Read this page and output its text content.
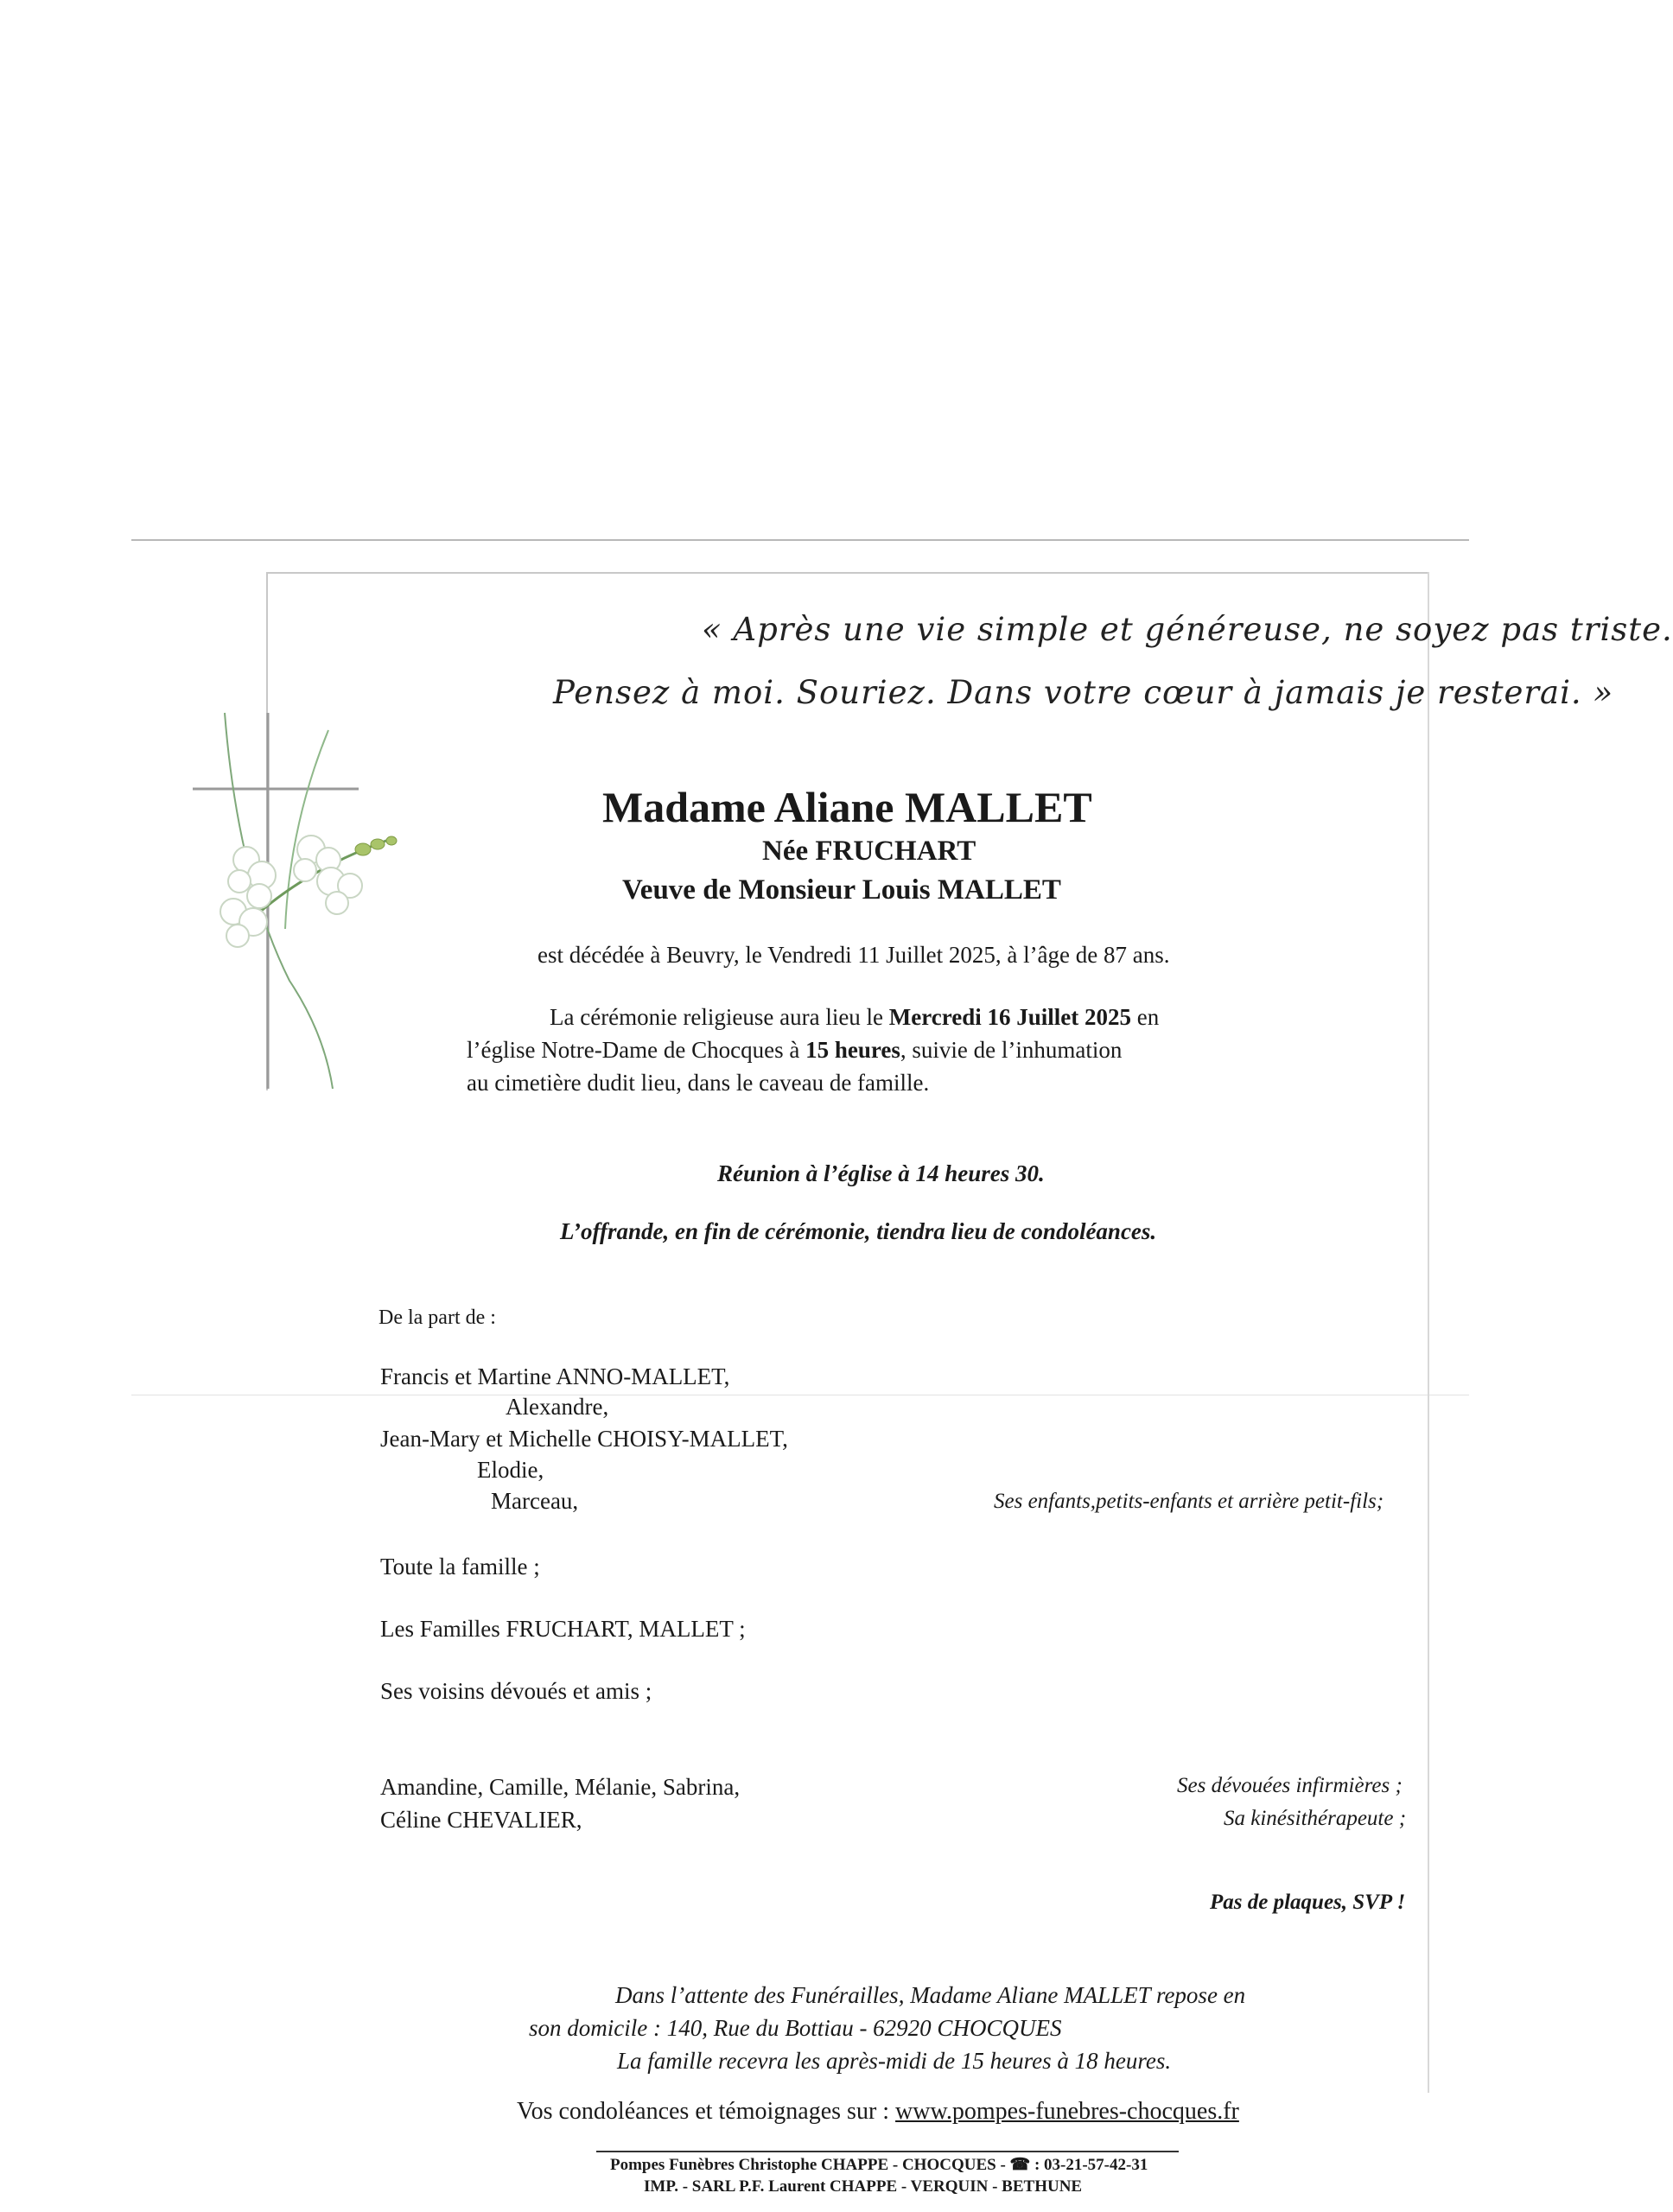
« Après une vie simple et généreuse, ne soyez pas triste.
Pensez à moi. Souriez. Dans votre cœur à jamais je resterai. »
Madame Aliane MALLET
Née FRUCHART
Veuve de Monsieur Louis MALLET
est décédée à Beuvry, le Vendredi 11 Juillet 2025, à l’âge de 87 ans.
La cérémonie religieuse aura lieu le Mercredi 16 Juillet 2025 en
l’église Notre-Dame de Chocques à 15 heures, suivie de l’inhumation
au cimetière dudit lieu, dans le caveau de famille.
Réunion à l’église à 14 heures 30.
L’offrande, en fin de cérémonie, tiendra lieu de condoléances.
De la part de :
Francis et Martine ANNO-MALLET,
Alexandre,
Jean-Mary et Michelle CHOISY-MALLET,
Elodie,
Marceau,	Ses enfants,petits-enfants et arrière petit-fils;
Toute la famille ;
Les Familles FRUCHART, MALLET ;
Ses voisins dévoués et amis ;
Amandine, Camille, Mélanie, Sabrina,
Céline CHEVALIER,
Ses dévouées infirmières ;
Sa kinésithérapeute ;
Pas de plaques, SVP !
Dans l’attente des Funérailles, Madame Aliane MALLET repose en
son domicile : 140, Rue du Bottiau - 62920 CHOCQUES
La famille recevra les après-midi de 15 heures à 18 heures.
Vos condoléances et témoignages sur : www.pompes-funebres-chocques.fr
Pompes Funèbres Christophe CHAPPE - CHOCQUES - ☎ : 03-21-57-42-31
IMP. - SARL P.F. Laurent CHAPPE - VERQUIN - BETHUNE
